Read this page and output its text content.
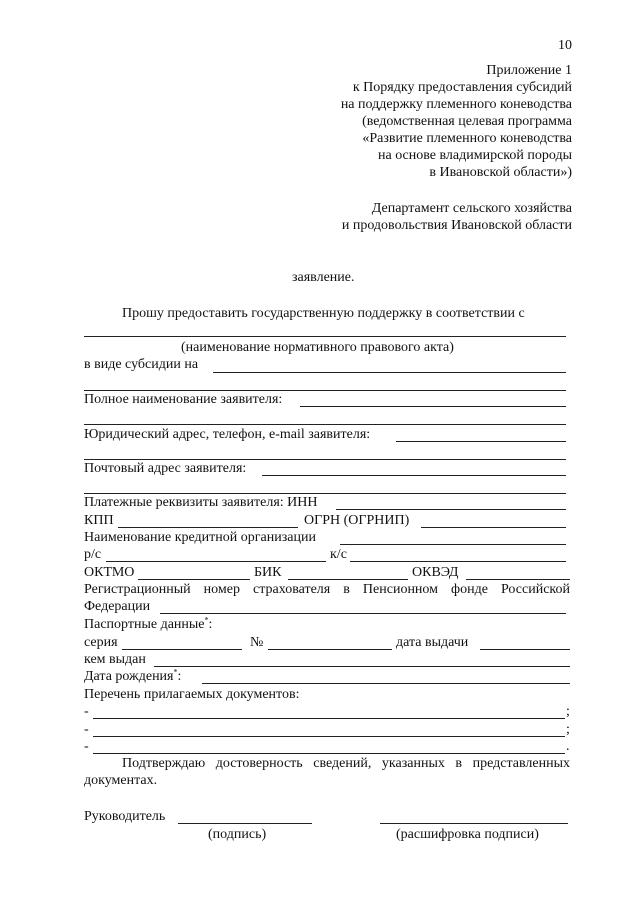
10
Приложение 1
к Порядку предоставления субсидий
на поддержку племенного коневодства
(ведомственная целевая программа
«Развитие племенного коневодства
на основе владимирской породы
в Ивановской области»)
Департамент сельского хозяйства
и продовольствия Ивановской области
заявление.
Прошу предоставить государственную поддержку в соответствии с
(наименование нормативного правового акта)
в виде субсидии на
Полное наименование заявителя:
Юридический адрес, телефон, e-mail заявителя:
Почтовый адрес заявителя:
Платежные реквизиты заявителя: ИНН
КПП	ОГРН (ОГРНИП)
Наименование кредитной организации
р/с	к/с
ОКТМО	БИК	ОКВЭД
Регистрационный номер страхователя в Пенсионном фонде Российской
Федерации
Паспортные данные*:
серия	№	дата выдачи
кем выдан
Дата рождения*:
Перечень прилагаемых документов:
-	;
-	;
-	.
Подтверждаю достоверность сведений, указанных в представленных
документах.
Руководитель
(подпись)	(расшифровка подписи)
